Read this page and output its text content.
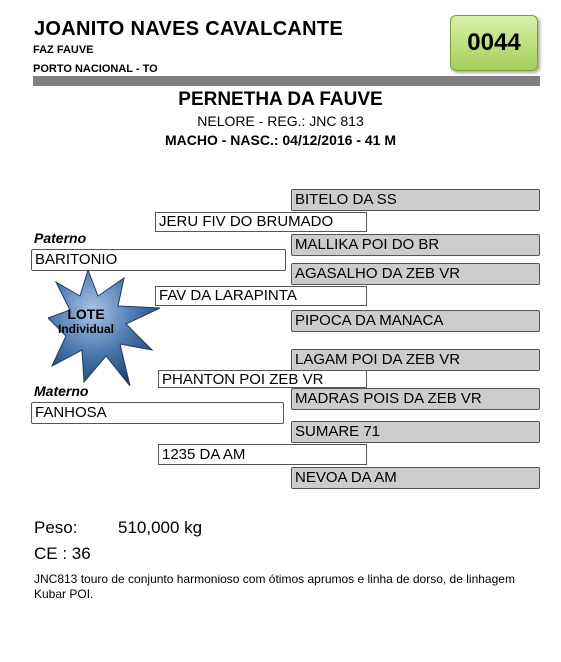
JOANITO NAVES CAVALCANTE
FAZ FAUVE
PORTO NACIONAL - TO
0044
PERNETHA DA FAUVE
NELORE - REG.: JNC 813
MACHO - NASC.: 04/12/2016 - 41 M
BITELO DA SS
MALLIKA POI DO BR
AGASALHO DA ZEB VR
PIPOCA DA MANACA
LAGAM POI DA ZEB VR
MADRAS POIS DA ZEB VR
SUMARE 71
NEVOA DA AM
JERU FIV DO BRUMADO
FAV DA LARAPINTA
PHANTON POI ZEB VR
1235 DA AM
Paterno
BARITONIO
Materno
FANHOSA
LOTE
Individual
Peso: 510,000 kg
CE : 36
JNC813 touro de conjunto harmonioso com ótimos aprumos e linha de dorso, de linhagem Kubar POI.
